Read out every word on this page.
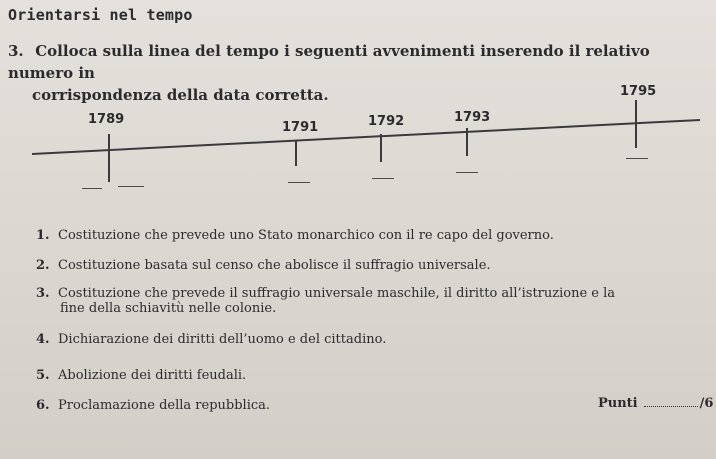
Orientarsi nel tempo
3. Colloca sulla linea del tempo i seguenti avvenimenti inserendo il relativo numero in
corrispondenza della data corretta.
1789
1791	1792	1793
1795
1. Costituzione che prevede uno Stato monarchico con il re capo del governo.
2. Costituzione basata sul censo che abolisce il suffragio universale.
3. Costituzione che prevede il suffragio universale maschile, il diritto all’istruzione e la
fine della schiavitù nelle colonie.
4. Dichiarazione dei diritti dell’uomo e del cittadino.
5. Abolizione dei diritti feudali.
6. Proclamazione della repubblica.	Punti	/6
